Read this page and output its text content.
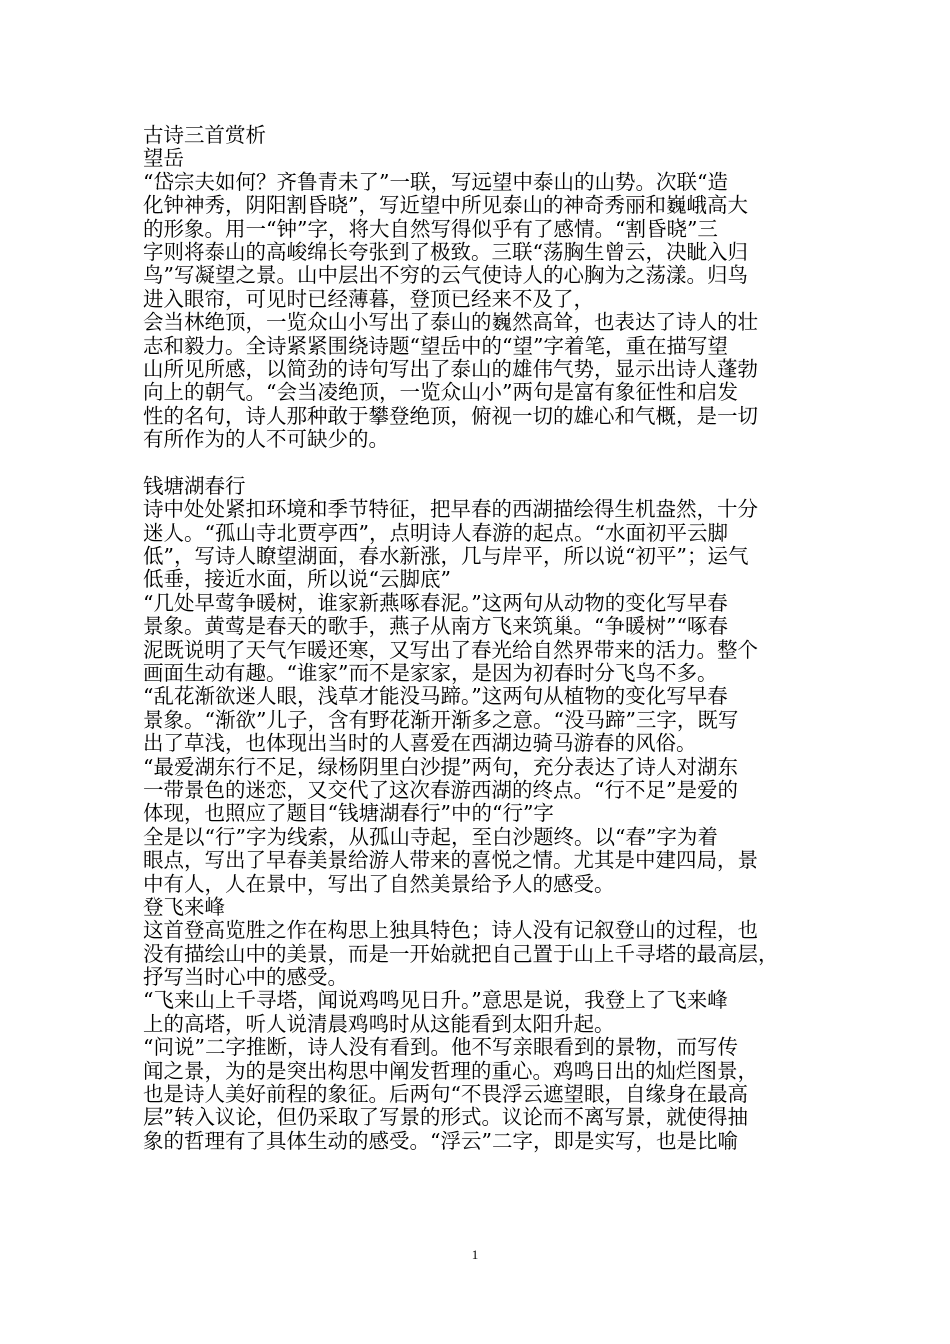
古诗三首赏析
望岳
“岱宗夫如何？齐鲁青未了”一联，写远望中泰山的山势。次联“造
化钟神秀，阴阳割昏晓”，写近望中所见泰山的神奇秀丽和巍峨高大
的形象。用一“钟”字，将大自然写得似乎有了感情。“割昏晓”三
字则将泰山的高峻绵长夸张到了极致。三联“荡胸生曾云，决眦入归
鸟”写凝望之景。山中层出不穷的云气使诗人的心胸为之荡漾。归鸟
进入眼帘，可见时已经薄暮，登顶已经来不及了，
会当林绝顶，一览众山小写出了泰山的巍然高耸，也表达了诗人的壮
志和毅力。全诗紧紧围绕诗题“望岳中的“望”字着笔，重在描写望
山所见所感，以简劲的诗句写出了泰山的雄伟气势，显示出诗人蓬勃
向上的朝气。“会当凌绝顶，一览众山小”两句是富有象征性和启发
性的名句，诗人那种敢于攀登绝顶，俯视一切的雄心和气概，是一切
有所作为的人不可缺少的。
钱塘湖春行
诗中处处紧扣环境和季节特征，把早春的西湖描绘得生机盎然，十分
迷人。“孤山寺北贾亭西”，点明诗人春游的起点。“水面初平云脚
低”，写诗人瞭望湖面，春水新涨，几与岸平，所以说“初平”；运气
低垂，接近水面，所以说“云脚底”
“几处早莺争暖树，谁家新燕啄春泥。”这两句从动物的变化写早春
景象。黄莺是春天的歌手，燕子从南方飞来筑巢。“争暖树”“啄春
泥既说明了天气乍暖还寒，又写出了春光给自然界带来的活力。整个
画面生动有趣。“谁家”而不是家家，是因为初春时分飞鸟不多。
“乱花渐欲迷人眼，浅草才能没马蹄。”这两句从植物的变化写早春
景象。“渐欲”儿子，含有野花渐开渐多之意。“没马蹄”三字，既写
出了草浅，也体现出当时的人喜爱在西湖边骑马游春的风俗。
“最爱湖东行不足，绿杨阴里白沙提”两句，充分表达了诗人对湖东
一带景色的迷恋，又交代了这次春游西湖的终点。“行不足”是爱的
体现，也照应了题目“钱塘湖春行”中的“行”字
全是以“行”字为线索，从孤山寺起，至白沙题终。以“春”字为着
眼点，写出了早春美景给游人带来的喜悦之情。尤其是中建四局，景
中有人，人在景中，写出了自然美景给予人的感受。
登飞来峰
这首登高览胜之作在构思上独具特色；诗人没有记叙登山的过程，也
没有描绘山中的美景，而是一开始就把自己置于山上千寻塔的最高层，
抒写当时心中的感受。
“飞来山上千寻塔，闻说鸡鸣见日升。”意思是说，我登上了飞来峰
上的高塔，听人说清晨鸡鸣时从这能看到太阳升起。
“问说”二字推断，诗人没有看到。他不写亲眼看到的景物，而写传
闻之景，为的是突出构思中阐发哲理的重心。鸡鸣日出的灿烂图景，
也是诗人美好前程的象征。后两句“不畏浮云遮望眼，自缘身在最高
层”转入议论，但仍采取了写景的形式。议论而不离写景，就使得抽
象的哲理有了具体生动的感受。“浮云”二字，即是实写，也是比喻
1
